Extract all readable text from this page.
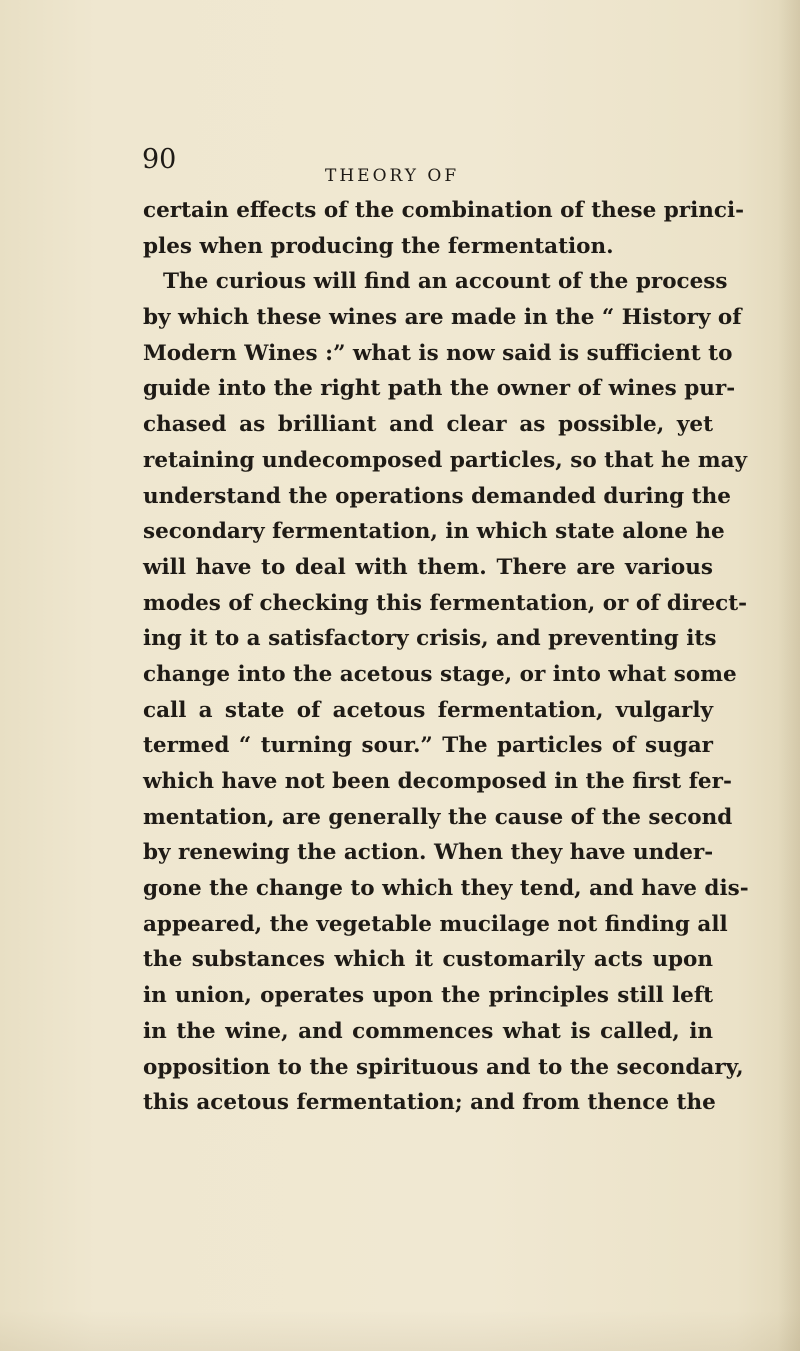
90
THEORY OF
certain effects of the combination of these princi-
ples when producing the fermentation.
The curious will find an account of the process
by which these wines are made in the “ History of
Modern Wines :” what is now said is sufficient to
guide into the right path the owner of wines pur-
chased as brilliant and clear as possible, yet
retaining undecomposed particles, so that he may
understand the operations demanded during the
secondary fermentation, in which state alone he
will have to deal with them. There are various
modes of checking this fermentation, or of direct-
ing it to a satisfactory crisis, and preventing its
change into the acetous stage, or into what some
call a state of acetous fermentation, vulgarly
termed “ turning sour.” The particles of sugar
which have not been decomposed in the first fer-
mentation, are generally the cause of the second
by renewing the action. When they have under-
gone the change to which they tend, and have dis-
appeared, the vegetable mucilage not finding all
the substances which it customarily acts upon
in union, operates upon the principles still left
in the wine, and commences what is called, in
opposition to the spirituous and to the secondary,
this acetous fermentation; and from thence the
